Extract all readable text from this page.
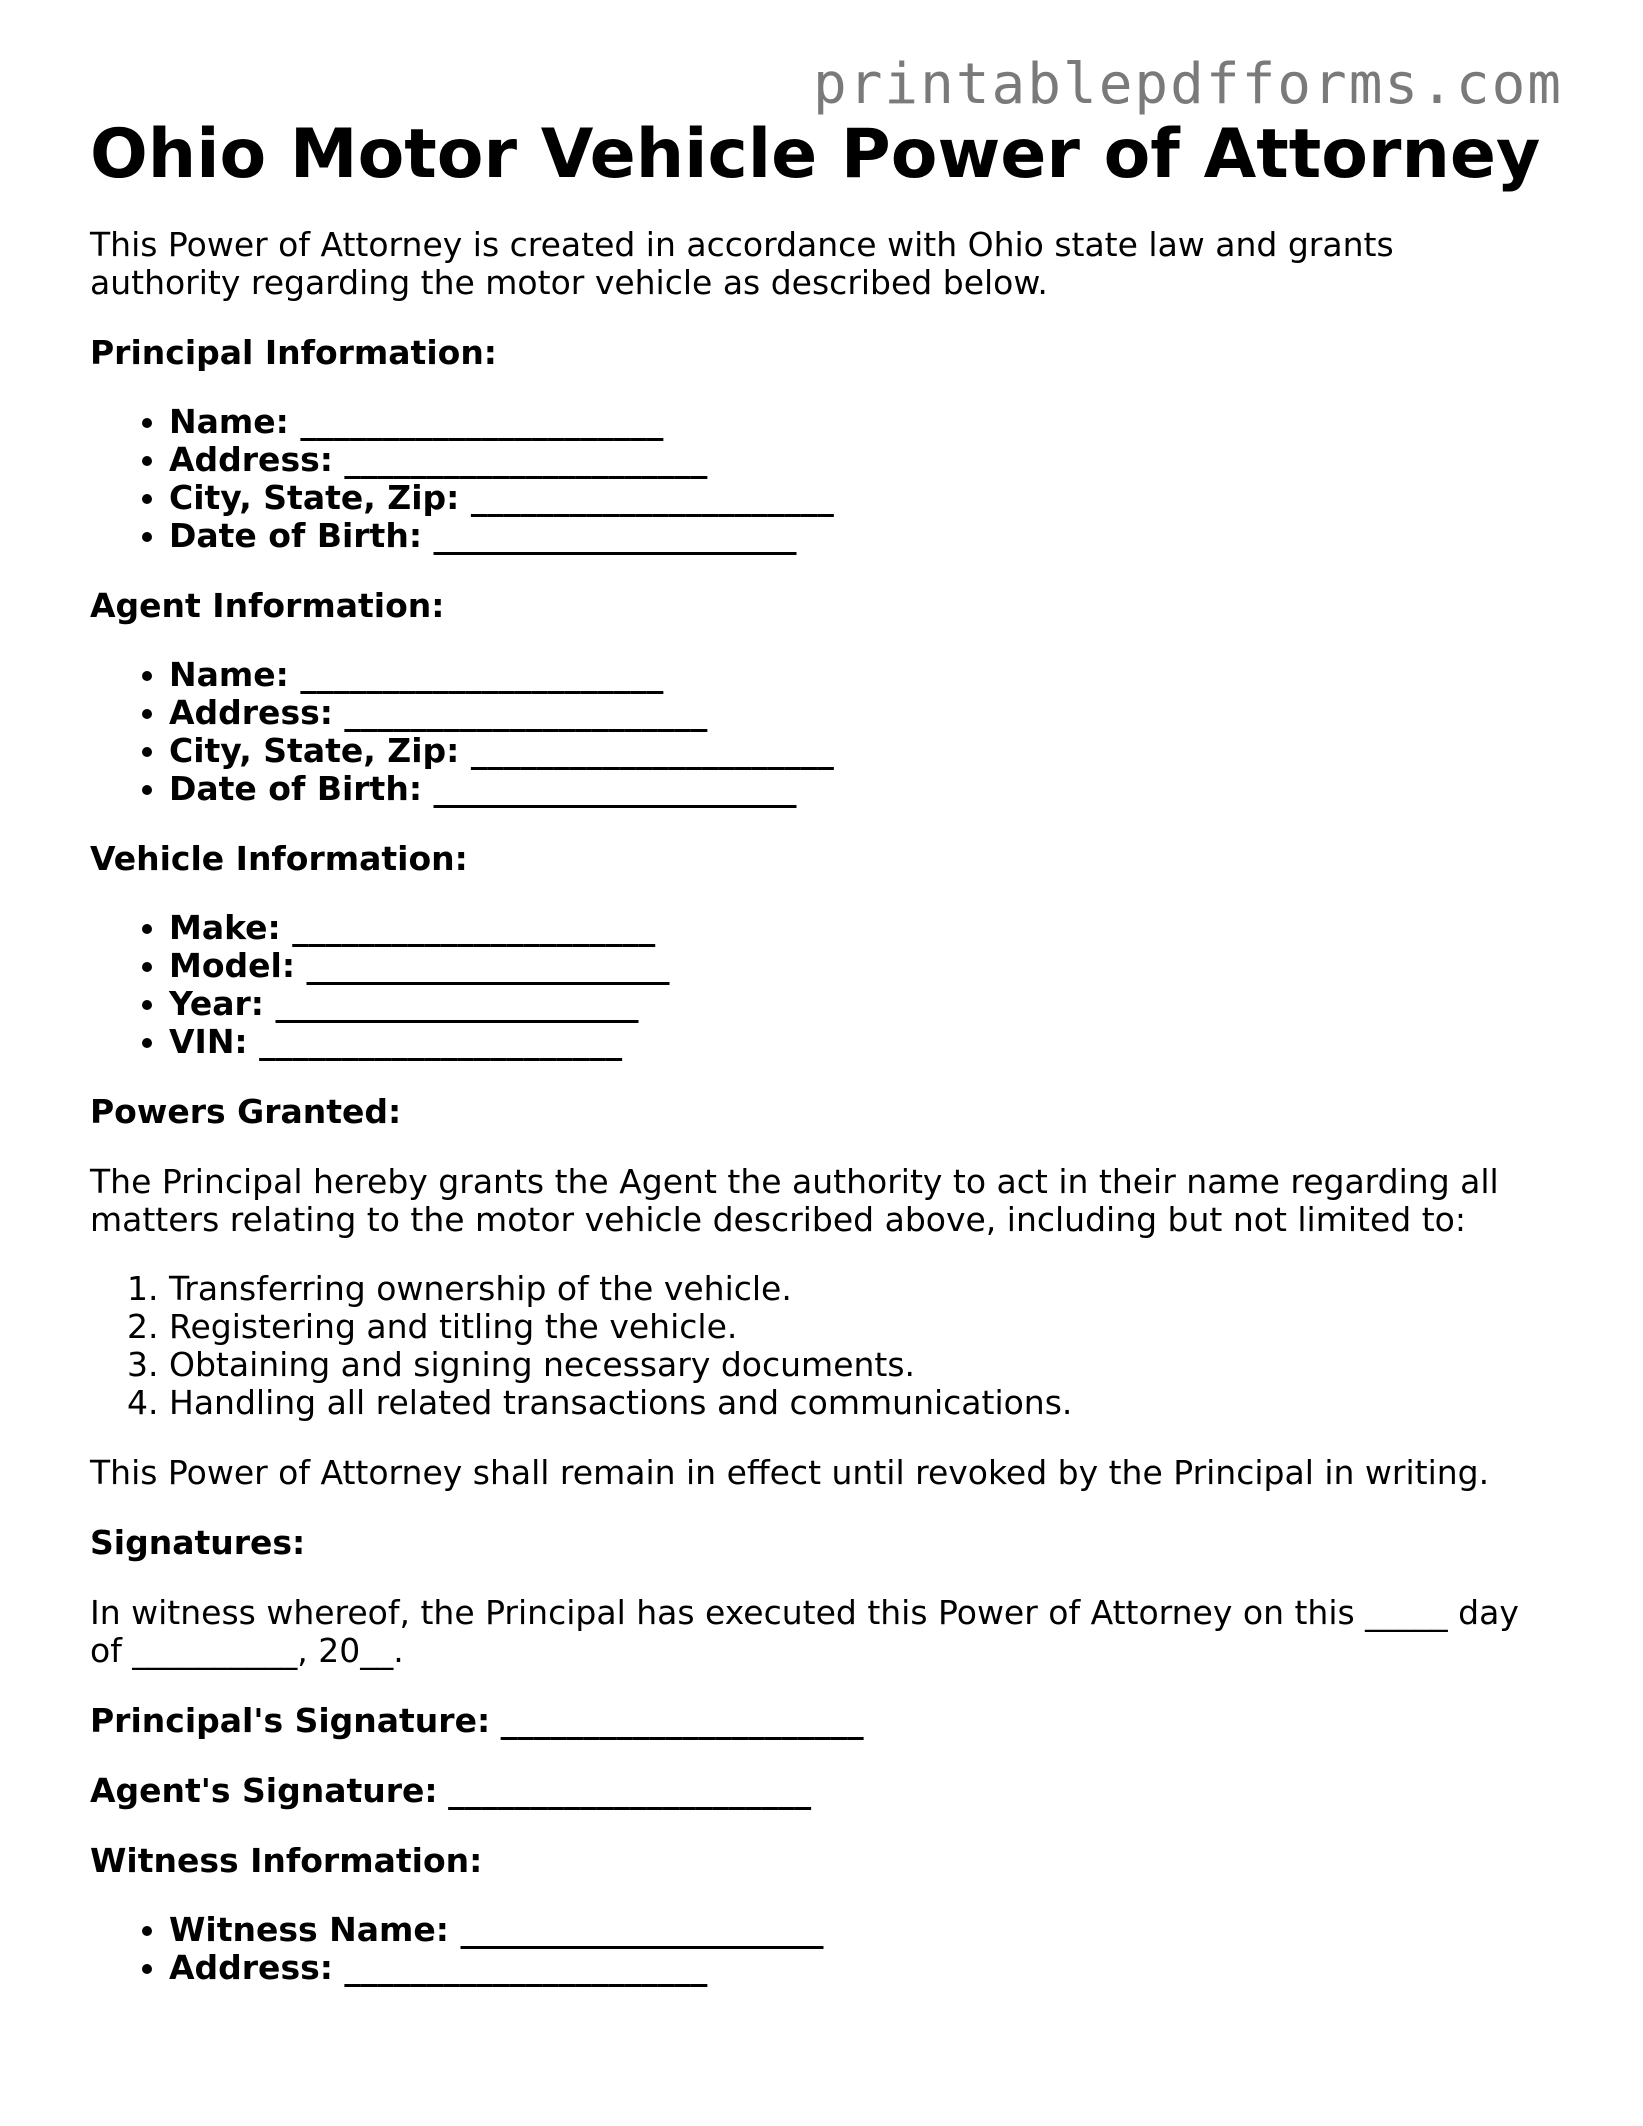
printablepdfforms.com
Ohio Motor Vehicle Power of Attorney

This Power of Attorney is created in accordance with Ohio state law and grants authority regarding the motor vehicle as described below.

Principal Information:

• Name: ______________________
• Address: ______________________
• City, State, Zip: ______________________
• Date of Birth: ______________________

Agent Information:

• Name: ______________________
• Address: ______________________
• City, State, Zip: ______________________
• Date of Birth: ______________________

Vehicle Information:

• Make: ______________________
• Model: ______________________
• Year: ______________________
• VIN: ______________________

Powers Granted:

The Principal hereby grants the Agent the authority to act in their name regarding all matters relating to the motor vehicle described above, including but not limited to:

1. Transferring ownership of the vehicle.
2. Registering and titling the vehicle.
3. Obtaining and signing necessary documents.
4. Handling all related transactions and communications.

This Power of Attorney shall remain in effect until revoked by the Principal in writing.

Signatures:

In witness whereof, the Principal has executed this Power of Attorney on this _____ day of __________, 20__.

Principal's Signature: ______________________

Agent's Signature: ______________________

Witness Information:

• Witness Name: ______________________
• Address: ______________________
